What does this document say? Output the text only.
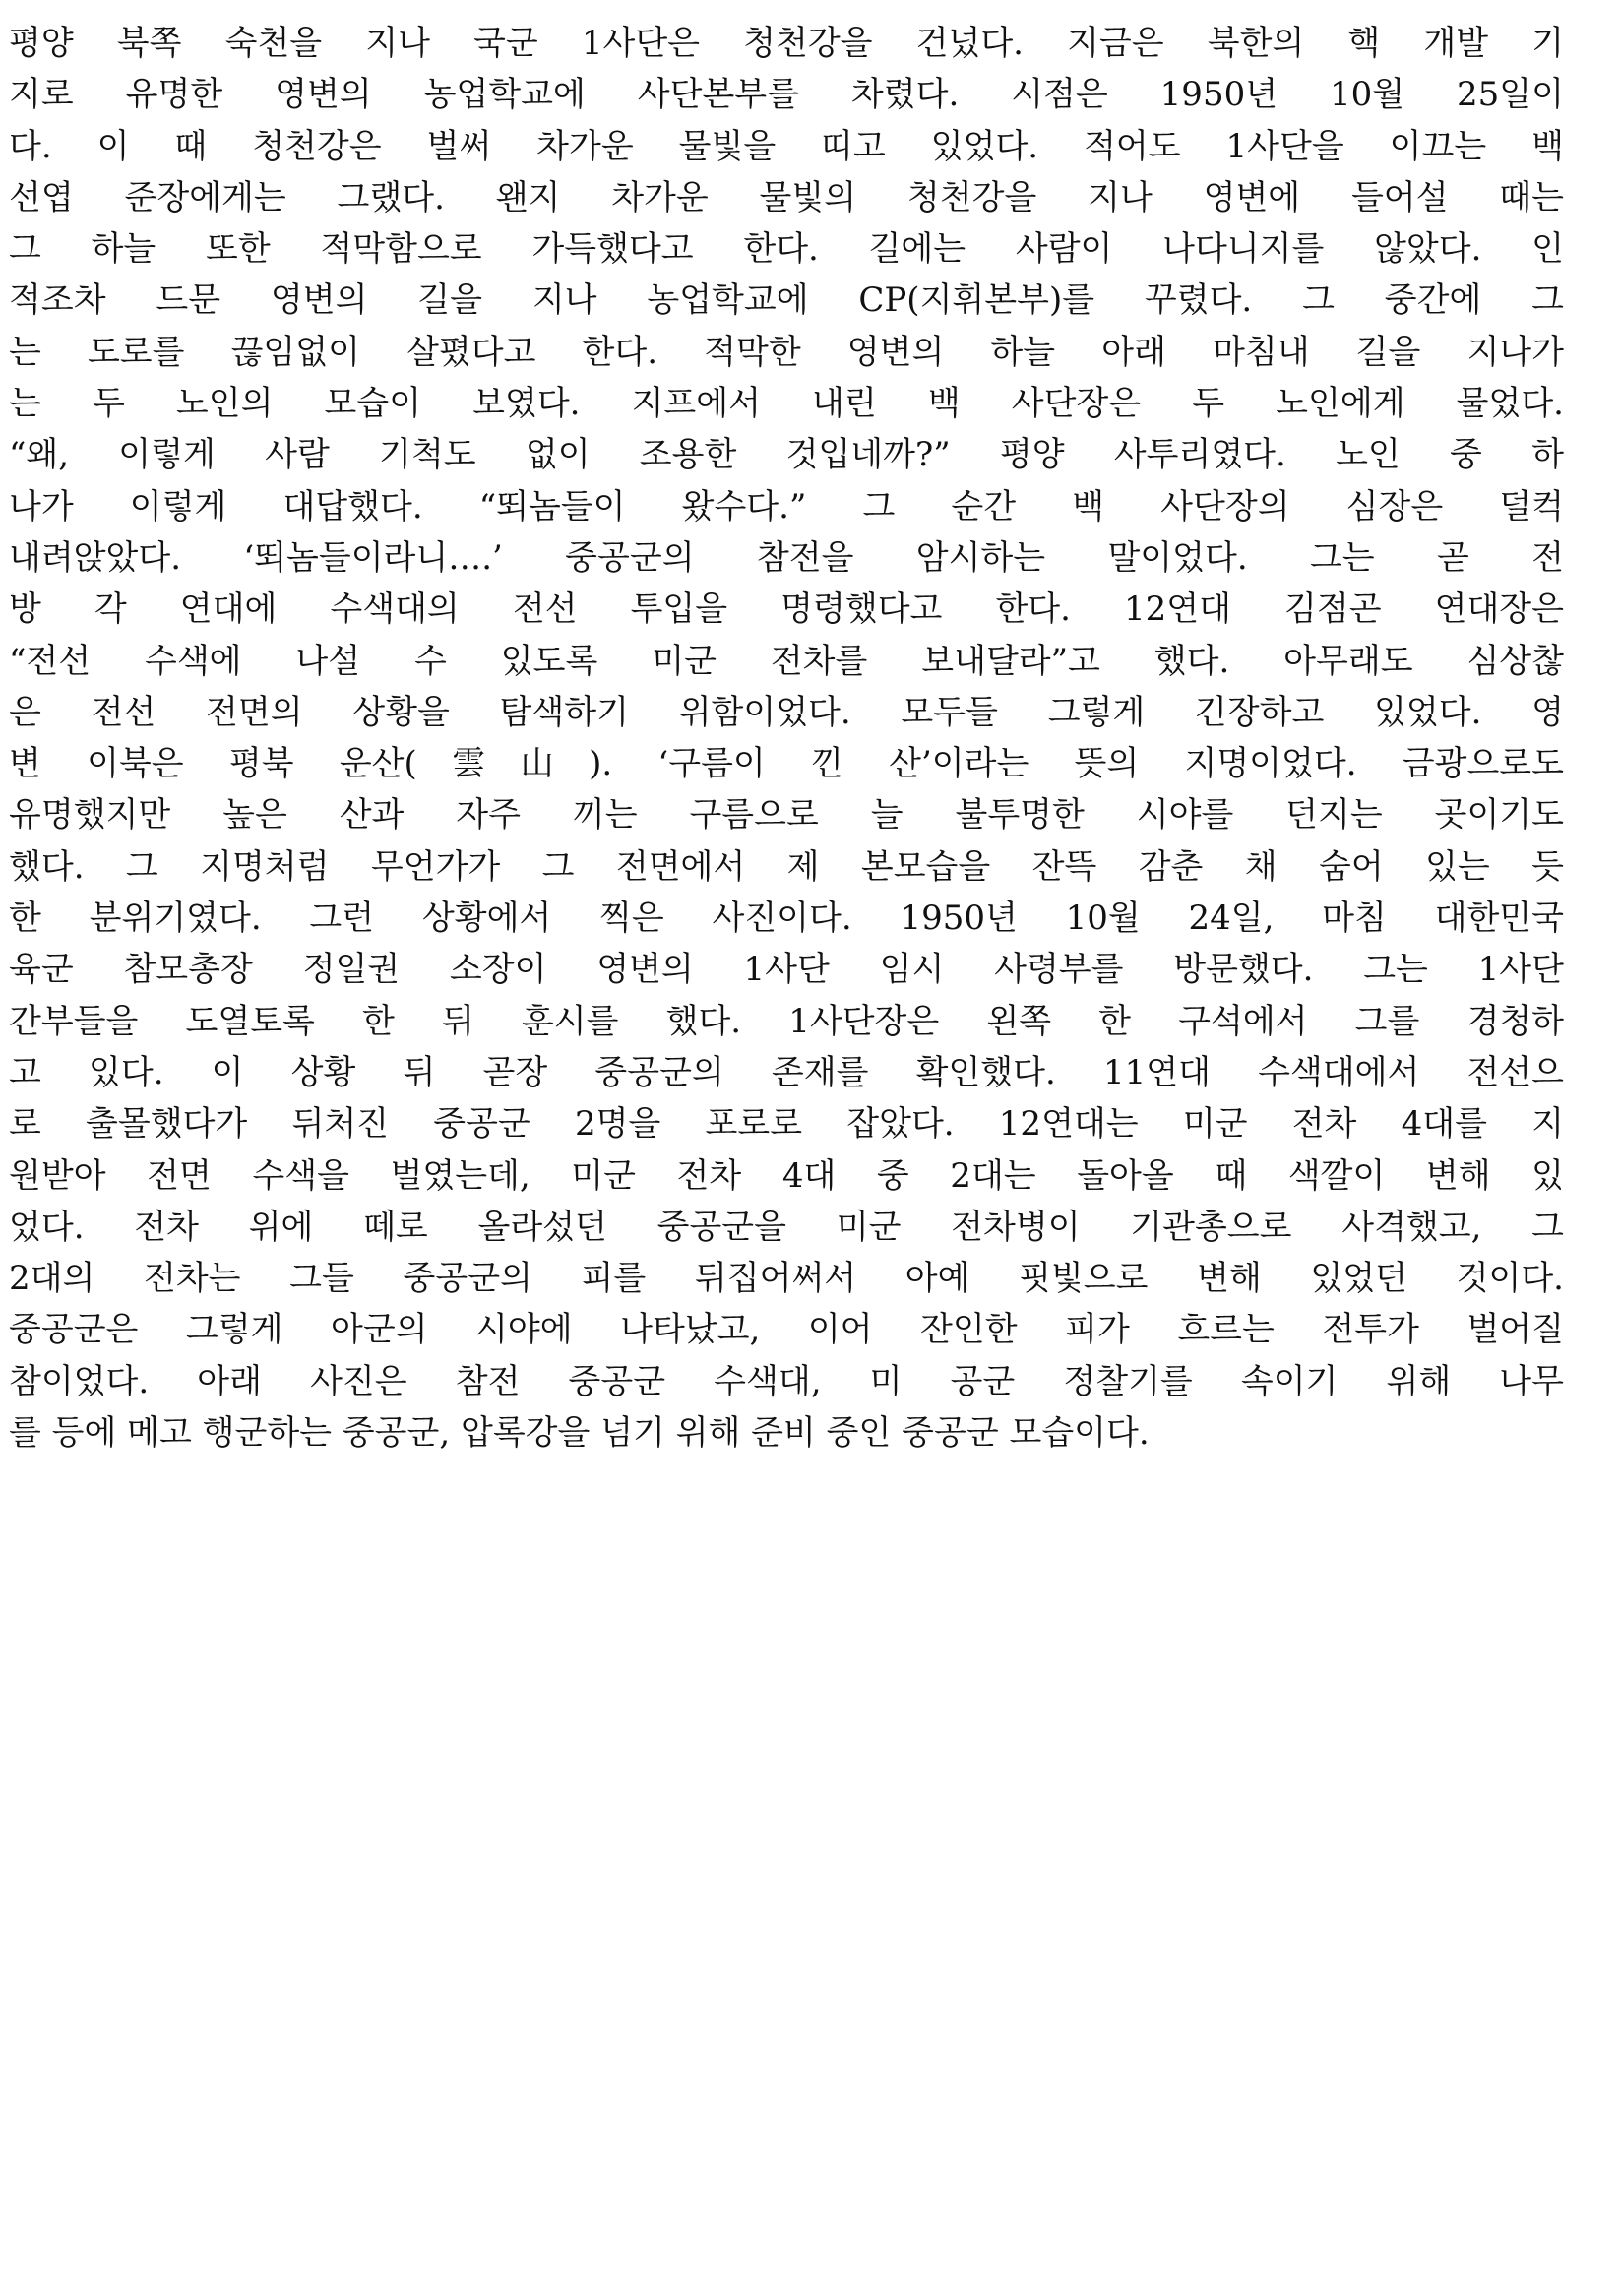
평양 북쪽 숙천을 지나 국군 1사단은 청천강을 건넜다. 지금은 북한의 핵 개발 기
지로 유명한 영변의 농업학교에 사단본부를 차렸다. 시점은 1950년 10월 25일이
다. 이 때 청천강은 벌써 차가운 물빛을 띠고 있었다. 적어도 1사단을 이끄는 백
선엽 준장에게는 그랬다. 왠지 차가운 물빛의 청천강을 지나 영변에 들어설 때는
그 하늘 또한 적막함으로 가득했다고 한다. 길에는 사람이 나다니지를 않았다. 인
적조차 드문 영변의 길을 지나 농업학교에 CP(지휘본부)를 꾸렸다. 그 중간에 그
는 도로를 끊임없이 살폈다고 한다. 적막한 영변의 하늘 아래 마침내 길을 지나가
는 두 노인의 모습이 보였다. 지프에서 내린 백 사단장은 두 노인에게 물었다.
“왜, 이렇게 사람 기척도 없이 조용한 것입네까?” 평양 사투리였다. 노인 중 하
나가 이렇게 대답했다. “뙤놈들이 왔수다.” 그 순간 백 사단장의 심장은 덜컥
내려앉았다. ‘뙤놈들이라니….’ 중공군의 참전을 암시하는 말이었다. 그는 곧 전
방 각 연대에 수색대의 전선 투입을 명령했다고 한다. 12연대 김점곤 연대장은
“전선 수색에 나설 수 있도록 미군 전차를 보내달라”고 했다. 아무래도 심상찮
은 전선 전면의 상황을 탐색하기 위함이었다. 모두들 그렇게 긴장하고 있었다. 영
변 이북은 평북 운산(雲山). ‘구름이 낀 산’이라는 뜻의 지명이었다. 금광으로도
유명했지만 높은 산과 자주 끼는 구름으로 늘 불투명한 시야를 던지는 곳이기도
했다. 그 지명처럼 무언가가 그 전면에서 제 본모습을 잔뜩 감춘 채 숨어 있는 듯
한 분위기였다. 그런 상황에서 찍은 사진이다. 1950년 10월 24일, 마침 대한민국
육군 참모총장 정일권 소장이 영변의 1사단 임시 사령부를 방문했다. 그는 1사단
간부들을 도열토록 한 뒤 훈시를 했다. 1사단장은 왼쪽 한 구석에서 그를 경청하
고 있다. 이 상황 뒤 곧장 중공군의 존재를 확인했다. 11연대 수색대에서 전선으
로 출몰했다가 뒤처진 중공군 2명을 포로로 잡았다. 12연대는 미군 전차 4대를 지
원받아 전면 수색을 벌였는데, 미군 전차 4대 중 2대는 돌아올 때 색깔이 변해 있
었다. 전차 위에 떼로 올라섰던 중공군을 미군 전차병이 기관총으로 사격했고, 그
2대의 전차는 그들 중공군의 피를 뒤집어써서 아예 핏빛으로 변해 있었던 것이다.
중공군은 그렇게 아군의 시야에 나타났고, 이어 잔인한 피가 흐르는 전투가 벌어질
참이었다. 아래 사진은 참전 중공군 수색대, 미 공군 정찰기를 속이기 위해 나무
를 등에 메고 행군하는 중공군, 압록강을 넘기 위해 준비 중인 중공군 모습이다.
